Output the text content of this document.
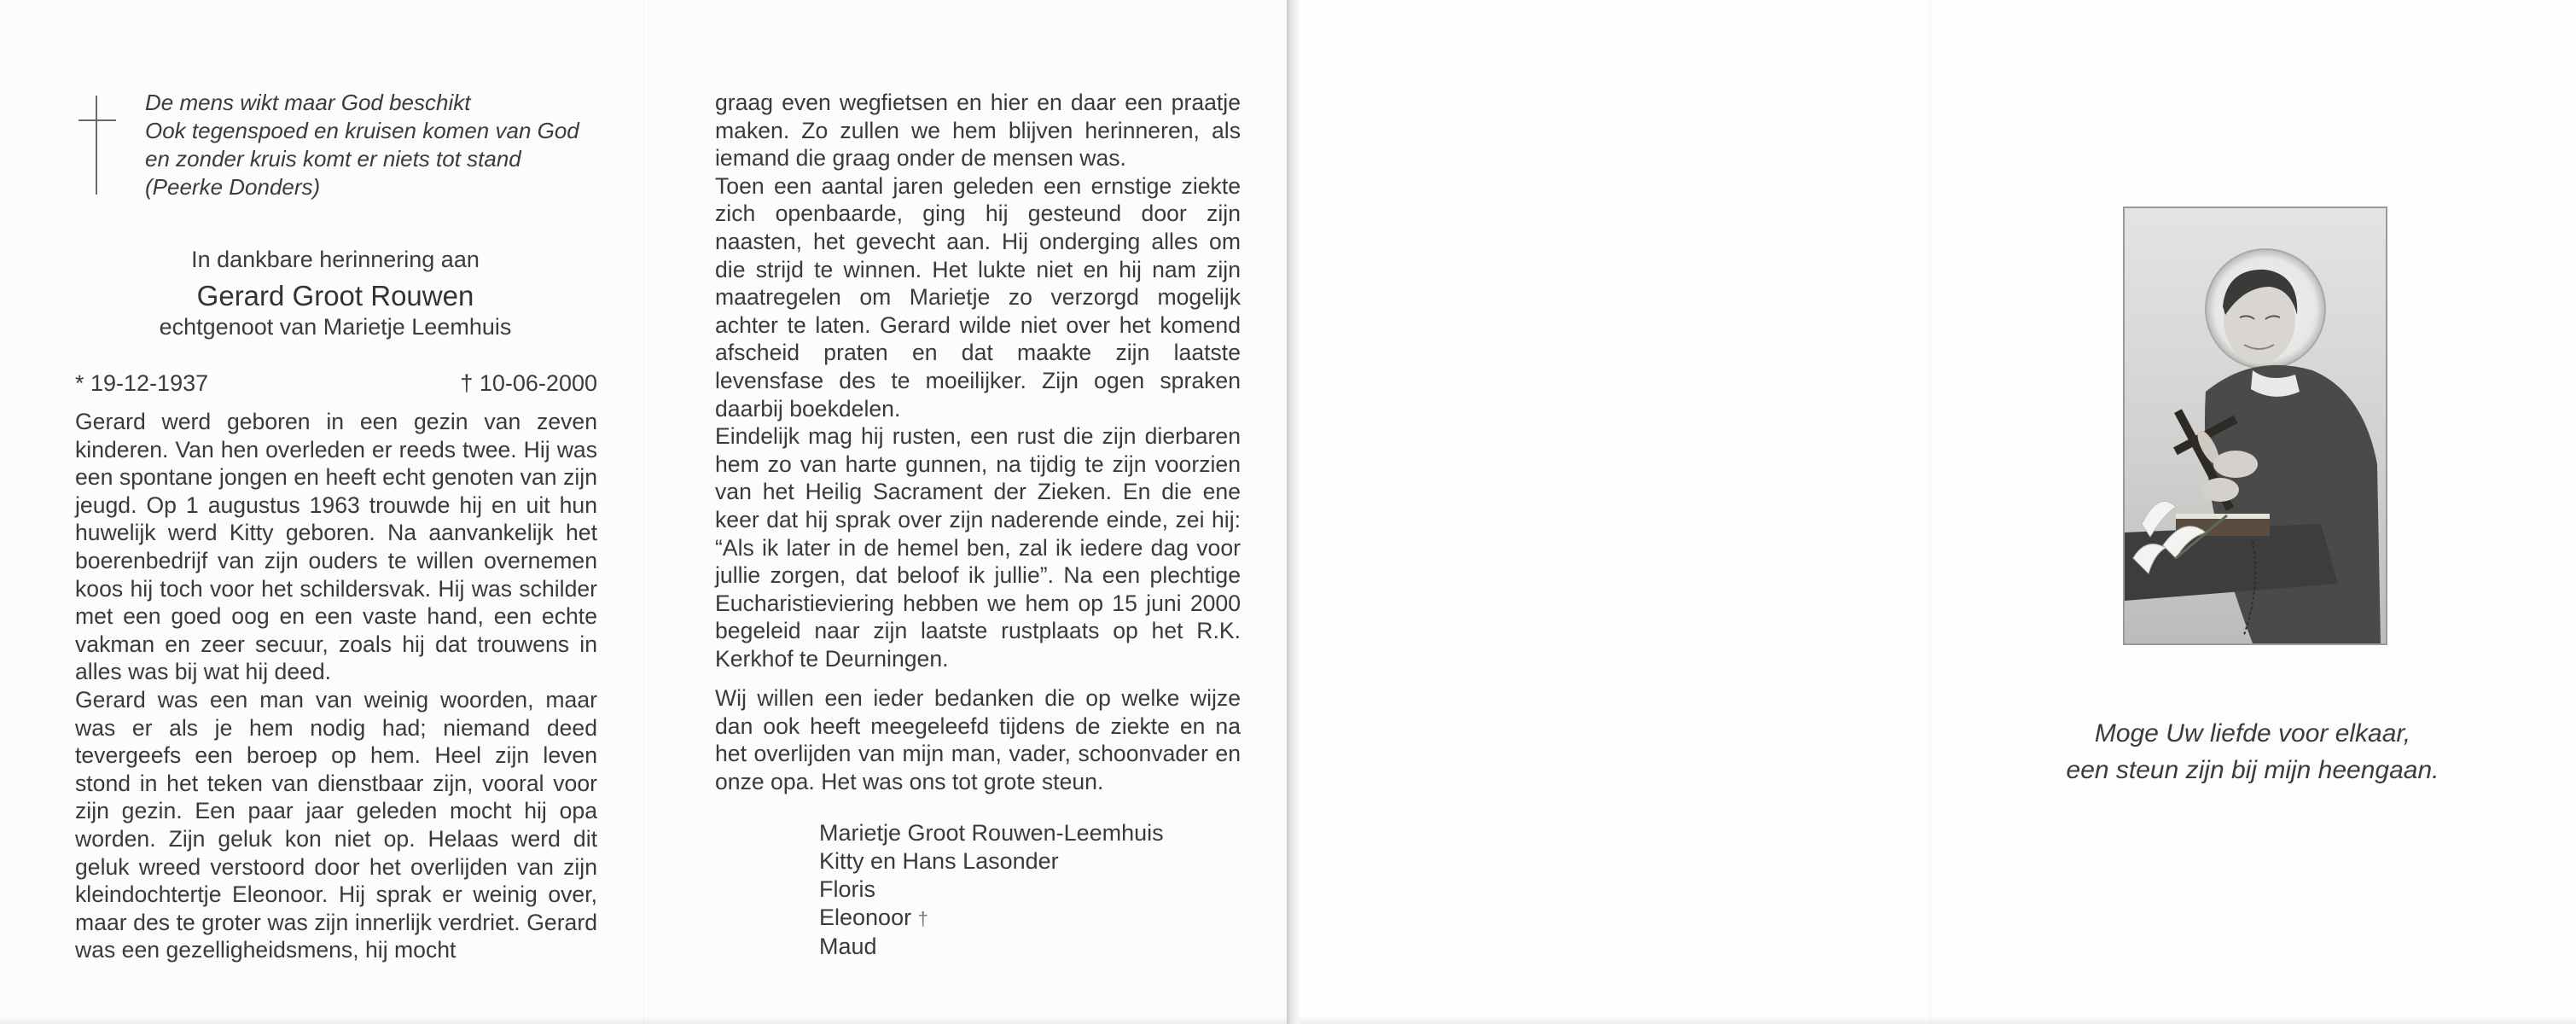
De mens wikt maar God beschikt
Ook tegenspoed en kruisen komen van God
en zonder kruis komt er niets tot stand
(Peerke Donders)
In dankbare herinnering aan
Gerard Groot Rouwen
echtgenoot van Marietje Leemhuis
* 19-12-1937	† 10-06-2000

Gerard werd geboren in een gezin van zeven kinderen. Van hen overleden er reeds twee. Hij was een spontane jongen en heeft echt genoten van zijn jeugd. Op 1 augustus 1963 trouwde hij en uit hun huwelijk werd Kitty geboren. Na aanvankelijk het boerenbedrijf van zijn ouders te willen overnemen koos hij toch voor het schildersvak. Hij was schilder met een goed oog en een vaste hand, een echte vakman en zeer secuur, zoals hij dat trouwens in alles was bij wat hij deed.

Gerard was een man van weinig woorden, maar was er als je hem nodig had; niemand deed tevergeefs een beroep op hem. Heel zijn leven stond in het teken van dienstbaar zijn, vooral voor zijn gezin. Een paar jaar geleden mocht hij opa worden. Zijn geluk kon niet op. Helaas werd dit geluk wreed verstoord door het overlijden van zijn kleindochtertje Eleonoor. Hij sprak er weinig over, maar des te groter was zijn innerlijk verdriet. Gerard was een gezelligheidsmens, hij mocht

graag even wegfietsen en hier en daar een praatje maken. Zo zullen we hem blijven herinneren, als iemand die graag onder de mensen was.

Toen een aantal jaren geleden een ernstige ziekte zich openbaarde, ging hij gesteund door zijn naasten, het gevecht aan. Hij onderging alles om die strijd te winnen. Het lukte niet en hij nam zijn maatregelen om Marietje zo verzorgd mogelijk achter te laten. Gerard wilde niet over het komend afscheid praten en dat maakte zijn laatste levensfase des te moeilijker. Zijn ogen spraken daarbij boekdelen.

Eindelijk mag hij rusten, een rust die zijn dierbaren hem zo van harte gunnen, na tijdig te zijn voorzien van het Heilig Sacrament der Zieken. En die ene keer dat hij sprak over zijn naderende einde, zei hij: “Als ik later in de hemel ben, zal ik iedere dag voor jullie zorgen, dat beloof ik jullie”. Na een plechtige Eucharistieviering hebben we hem op 15 juni 2000 begeleid naar zijn laatste rustplaats op het R.K. Kerkhof te Deurningen.

Wij willen een ieder bedanken die op welke wijze dan ook heeft meegeleefd tijdens de ziekte en na het overlijden van mijn man, vader, schoonvader en onze opa. Het was ons tot grote steun.

Marietje Groot Rouwen-Leemhuis
Kitty en Hans Lasonder
Floris
Eleonoor †
Maud
Moge Uw liefde voor elkaar,
een steun zijn bij mijn heengaan.
